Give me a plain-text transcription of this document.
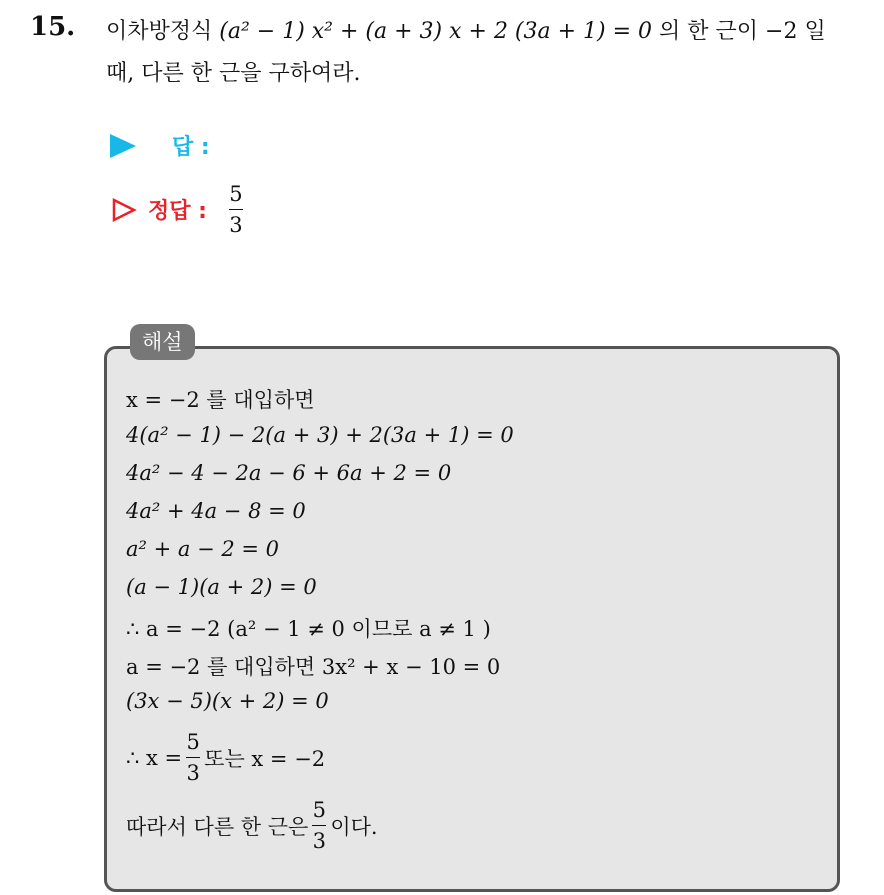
15. 이차방정식 (a² − 1) x² + (a + 3) x + 2 (3a + 1) = 0 의 한 근이 −2 일
때, 다른 한 근을 구하여라.
답 :
정답 : $\frac{5}{3}$
해설
x = −2 를 대입하면
4(a² − 1) − 2(a + 3) + 2(3a + 1) = 0
4a² − 4 − 2a − 6 + 6a + 2 = 0
4a² + 4a − 8 = 0
a² + a − 2 = 0
(a − 1)(a + 2) = 0
∴ a = −2 (a² − 1 ≠ 0 이므로 a ≠ 1 )
a = −2 를 대입하면 3x² + x − 10 = 0
(3x − 5)(x + 2) = 0
∴ $x = \frac{5}{3}$ 또는 x = −2
따라서 다른 한 근은 $\frac{5}{3}$ 이다.
